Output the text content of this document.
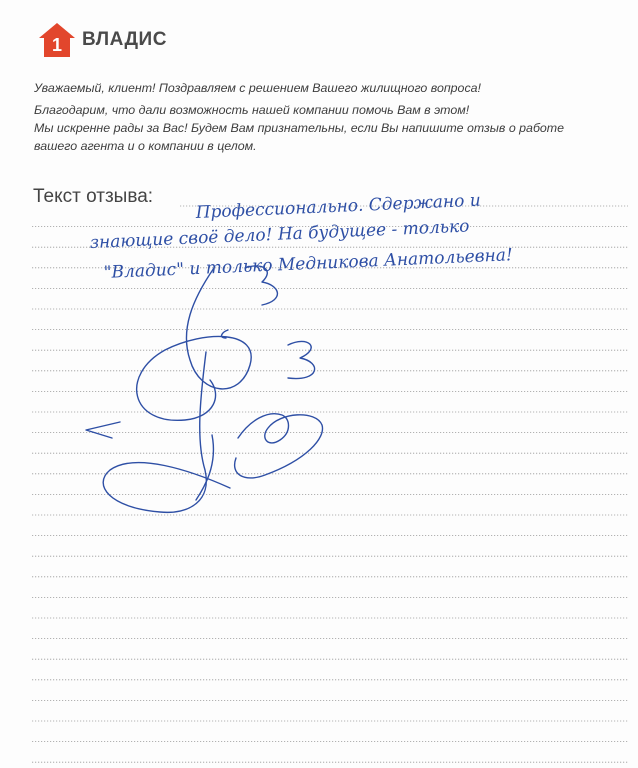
1 ВЛАДИС

Уважаемый, клиент! Поздравляем с решением Вашего жилищного вопроса!

Благодарим, что дали возможность нашей компании помочь Вам в этом!

Мы искренне рады за Вас! Будем Вам признательны, если Вы напишите отзыв о работе

вашего агента и о компании в целом.

Текст отзыва: Профессионально. Сдержано и
знающие своё дело! На будущее - только
"Владис" и только Медникова Анатольевна!
